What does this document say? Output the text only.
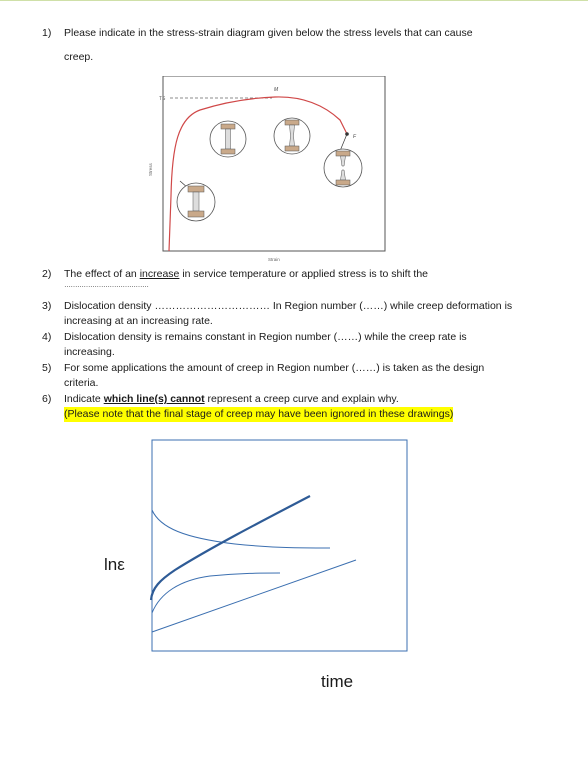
1) Please indicate in the stress-strain diagram given below the stress levels that can cause
creep.
TS
M
F
Strain
Stress
2) The effect of an increase in service temperature or applied stress is to shift the
…………………………………
3) Dislocation density …………………………… In Region number (……) while creep deformation is
increasing at an increasing rate.
4) Dislocation density is remains constant in Region number (……) while the creep rate is
increasing.
5) For some applications the amount of creep in Region number (……) is taken as the design
criteria.
6) Indicate which line(s) cannot represent a creep curve and explain why.
(Please note that the final stage of creep may have been ignored in these drawings)
lnε
time
